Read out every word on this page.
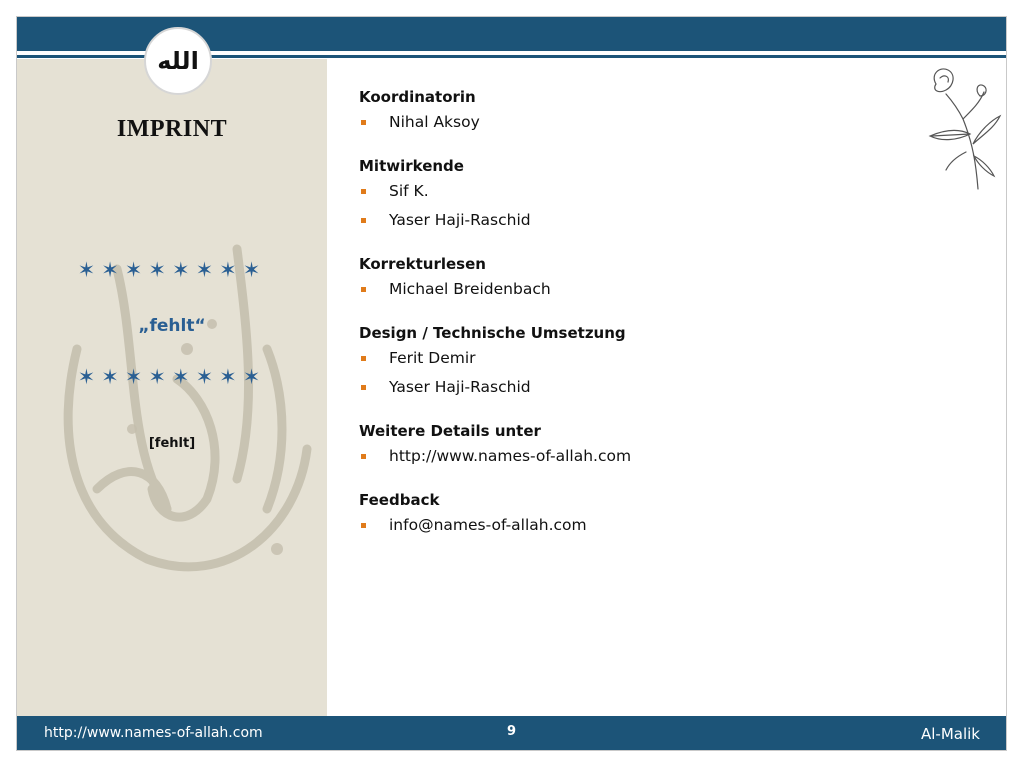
الله
IMPRINT
✶✶✶✶✶✶✶✶
„fehlt“
✶✶✶✶✶✶✶✶
[fehlt]
Koordinatorin
Nihal Aksoy
Mitwirkende
Sif K.
Yaser Haji-Raschid
Korrekturlesen
Michael Breidenbach
Design / Technische Umsetzung
Ferit Demir
Yaser Haji-Raschid
Weitere Details unter
http://www.names-of-allah.com
Feedback
info@names-of-allah.com
http://www.names-of-allah.com	9	Al-Malik
